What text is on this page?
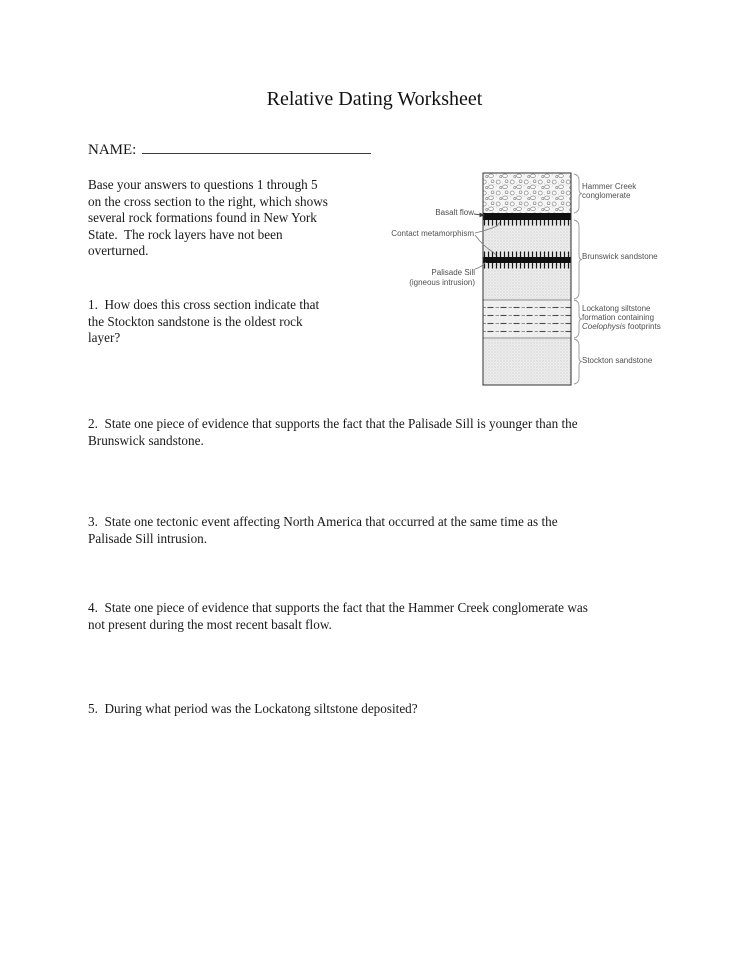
Relative Dating Worksheet
NAME:
Base your answers to questions 1 through 5
on the cross section to the right, which shows
several rock formations found in New York
State.  The rock layers have not been
overturned.
1.  How does this cross section indicate that
the Stockton sandstone is the oldest rock
layer?
2.  State one piece of evidence that supports the fact that the Palisade Sill is younger than the
Brunswick sandstone.
3.  State one tectonic event affecting North America that occurred at the same time as the
Palisade Sill intrusion.
4.  State one piece of evidence that supports the fact that the Hammer Creek conglomerate was
not present during the most recent basalt flow.
5.  During what period was the Lockatong siltstone deposited?
Basalt flow
Contact metamorphism
Palisade Sill
(igneous intrusion)
Hammer Creek
conglomerate
Brunswick sandstone
Lockatong siltstone
formation containing
Coelophysis footprints
Stockton sandstone
